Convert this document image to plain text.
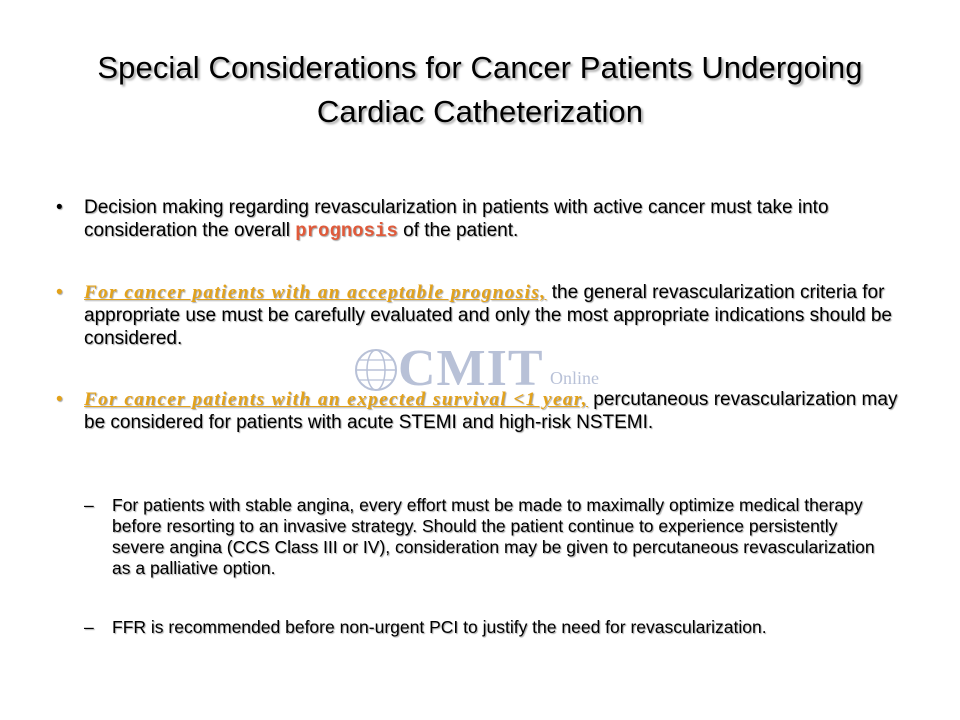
Special Considerations for Cancer Patients Undergoing
Cardiac Catheterization
•	Decision making regarding revascularization in patients with active cancer must take into consideration the overall prognosis of the patient.
•	For cancer patients with an acceptable prognosis, the general revascularization criteria for appropriate use must be carefully evaluated and only the most appropriate indications should be considered.
•	For cancer patients with an expected survival <1 year, percutaneous revascularization may be considered for patients with acute STEMI and high-risk NSTEMI.
–	For patients with stable angina, every effort must be made to maximally optimize medical therapy before resorting to an invasive strategy. Should the patient continue to experience persistently severe angina (CCS Class III or IV), consideration may be given to percutaneous revascularization as a palliative option.
–	FFR is recommended before non-urgent PCI to justify the need for revascularization.
CMIT Online
